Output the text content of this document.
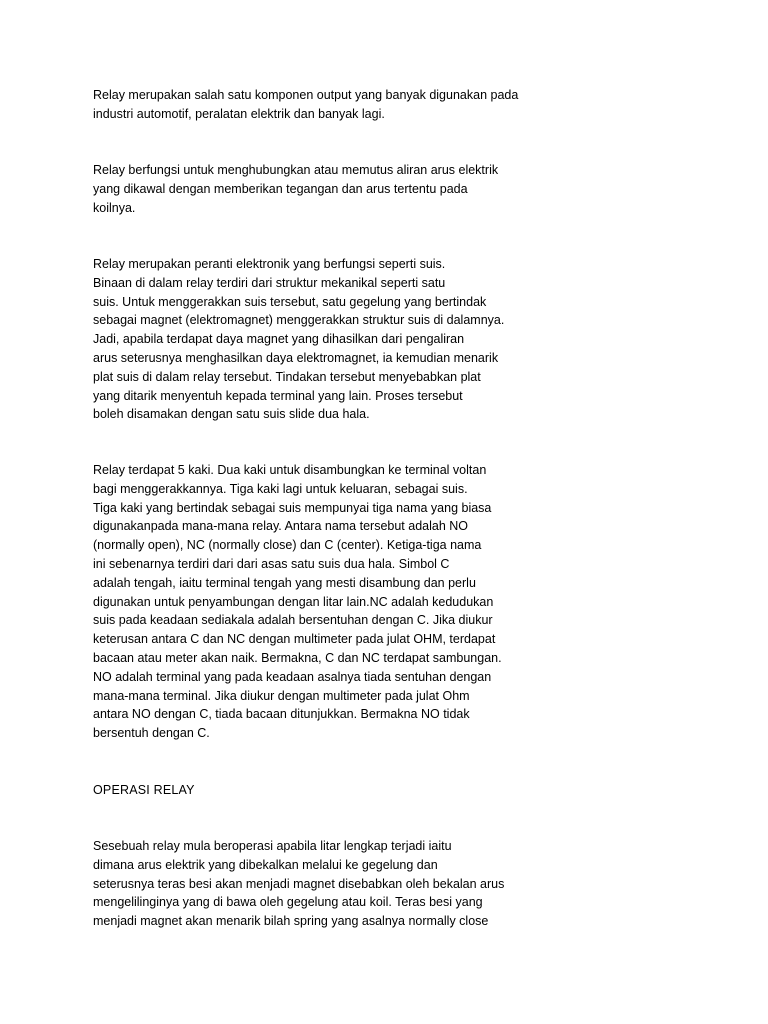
Relay merupakan salah satu komponen output yang banyak digunakan pada
industri automotif, peralatan elektrik dan banyak lagi.

Relay berfungsi untuk menghubungkan atau memutus aliran arus elektrik
yang dikawal dengan memberikan tegangan dan arus tertentu pada
koilnya.

Relay merupakan peranti elektronik yang berfungsi seperti suis.
Binaan di dalam relay terdiri dari struktur mekanikal seperti satu
suis. Untuk menggerakkan suis tersebut, satu gegelung yang bertindak
sebagai magnet (elektromagnet) menggerakkan struktur suis di dalamnya.
Jadi, apabila terdapat daya magnet yang dihasilkan dari pengaliran
arus seterusnya menghasilkan daya elektromagnet, ia kemudian menarik
plat suis di dalam relay tersebut. Tindakan tersebut menyebabkan plat
yang ditarik menyentuh kepada terminal yang lain. Proses tersebut
boleh disamakan dengan satu suis slide dua hala.

Relay terdapat 5 kaki. Dua kaki untuk disambungkan ke terminal voltan
bagi menggerakkannya. Tiga kaki lagi untuk keluaran, sebagai suis.
Tiga kaki yang bertindak sebagai suis mempunyai tiga nama yang biasa
digunakanpada mana-mana relay. Antara nama tersebut adalah NO
(normally open), NC (normally close) dan C (center). Ketiga-tiga nama
ini sebenarnya terdiri dari dari asas satu suis dua hala. Simbol C
adalah tengah, iaitu terminal tengah yang mesti disambung dan perlu
digunakan untuk penyambungan dengan litar lain.NC adalah kedudukan
suis pada keadaan sediakala adalah bersentuhan dengan C. Jika diukur
keterusan antara C dan NC dengan multimeter pada julat OHM, terdapat
bacaan atau meter akan naik. Bermakna, C dan NC terdapat sambungan.
NO adalah terminal yang pada keadaan asalnya tiada sentuhan dengan
mana-mana terminal. Jika diukur dengan multimeter pada julat Ohm
antara NO dengan C, tiada bacaan ditunjukkan. Bermakna NO tidak
bersentuh dengan C.

OPERASI RELAY

Sesebuah relay mula beroperasi apabila litar lengkap terjadi iaitu
dimana arus elektrik yang dibekalkan melalui ke gegelung dan
seterusnya teras besi akan menjadi magnet disebabkan oleh bekalan arus
mengelilinginya yang di bawa oleh gegelung atau koil. Teras besi yang
menjadi magnet akan menarik bilah spring yang asalnya normally close
